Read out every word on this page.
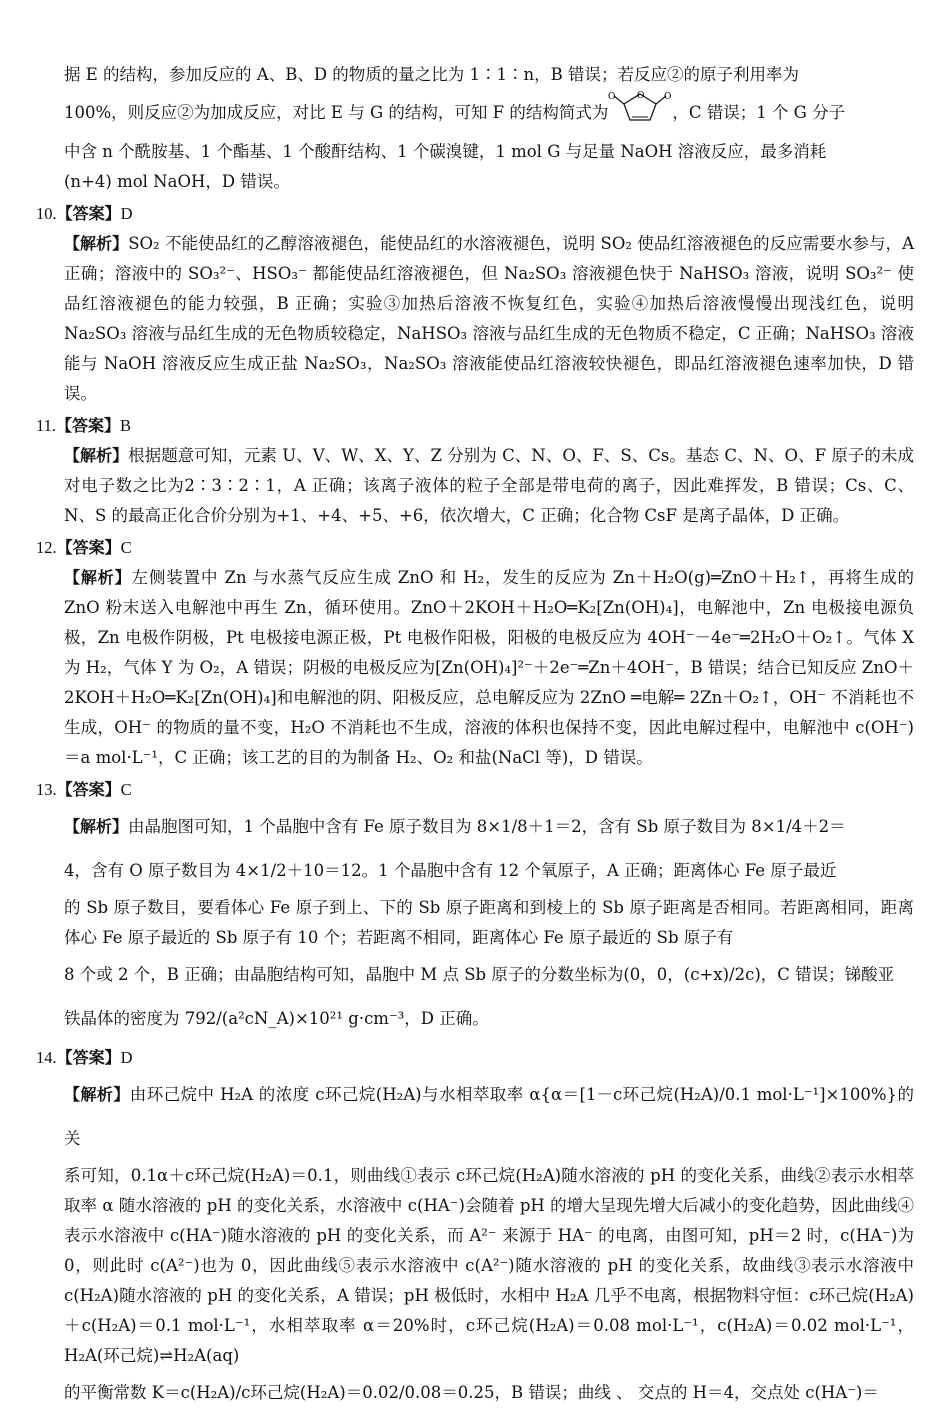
据 E 的结构，参加反应的 A、B、D 的物质的量之比为 1∶1∶n，B 错误；若反应②的原子利用率为

100%，则反应②为加成反应，对比 E 与 G 的结构，可知 F 的结构简式为
O	O
O
，C 错误；1 个 G 分子

中含 n 个酰胺基、1 个酯基、1 个酸酐结构、1 个碳溴键，1 mol G 与足量 NaOH 溶液反应，最多消耗

(n+4) mol NaOH，D 错误。

10.【答案】D

【解析】SO₂ 不能使品红的乙醇溶液褪色，能使品红的水溶液褪色，说明 SO₂ 使品红溶液褪色的反应需要水参与，A 正确；溶液中的 SO₃²⁻、HSO₃⁻ 都能使品红溶液褪色，但 Na₂SO₃ 溶液褪色快于 NaHSO₃ 溶液，说明 SO₃²⁻ 使品红溶液褪色的能力较强，B 正确；实验③加热后溶液不恢复红色，实验④加热后溶液慢慢出现浅红色，说明 Na₂SO₃ 溶液与品红生成的无色物质较稳定，NaHSO₃ 溶液与品红生成的无色物质不稳定，C 正确；NaHSO₃ 溶液能与 NaOH 溶液反应生成正盐 Na₂SO₃，Na₂SO₃ 溶液能使品红溶液较快褪色，即品红溶液褪色速率加快，D 错误。

11.【答案】B

【解析】根据题意可知，元素 U、V、W、X、Y、Z 分别为 C、N、O、F、S、Cs。基态 C、N、O、F 原子的未成对电子数之比为2∶3∶2∶1，A 正确；该离子液体的粒子全部是带电荷的离子，因此难挥发，B 错误；Cs、C、N、S 的最高正化合价分别为+1、+4、+5、+6，依次增大，C 正确；化合物 CsF 是离子晶体，D 正确。

12.【答案】C

【解析】左侧装置中 Zn 与水蒸气反应生成 ZnO 和 H₂，发生的反应为 Zn＋H₂O(g)═ZnO＋H₂↑，再将生成的 ZnO 粉末送入电解池中再生 Zn，循环使用。ZnO＋2KOH＋H₂O═K₂[Zn(OH)₄]，电解池中，Zn 电极接电源负极，Zn 电极作阴极，Pt 电极接电源正极，Pt 电极作阳极，阳极的电极反应为 4OH⁻－4e⁻═2H₂O＋O₂↑。气体 X 为 H₂，气体 Y 为 O₂，A 错误；阴极的电极反应为[Zn(OH)₄]²⁻＋2e⁻═Zn＋4OH⁻，B 错误；结合已知反应 ZnO＋2KOH＋H₂O═K₂[Zn(OH)₄]和电解池的阴、阳极反应，总电解反应为 2ZnO ═电解═ 2Zn＋O₂↑，OH⁻ 不消耗也不生成，OH⁻ 的物质的量不变，H₂O 不消耗也不生成，溶液的体积也保持不变，因此电解过程中，电解池中 c(OH⁻)＝a mol·L⁻¹，C 正确；该工艺的目的为制备 H₂、O₂ 和盐(NaCl 等)，D 错误。

13.【答案】C

【解析】由晶胞图可知，1 个晶胞中含有 Fe 原子数目为 8×1/8＋1＝2，含有 Sb 原子数目为 8×1/4＋2＝

4，含有 O 原子数目为 4×1/2＋10＝12。1 个晶胞中含有 12 个氧原子，A 正确；距离体心 Fe 原子最近

的 Sb 原子数目，要看体心 Fe 原子到上、下的 Sb 原子距离和到棱上的 Sb 原子距离是否相同。若距离相同，距离体心 Fe 原子最近的 Sb 原子有 10 个；若距离不相同，距离体心 Fe 原子最近的 Sb 原子有

8 个或 2 个，B 正确；由晶胞结构可知，晶胞中 M 点 Sb 原子的分数坐标为(0，0，(c+x)/2c)，C 错误；锑酸亚

铁晶体的密度为 792/(a²cN_A)×10²¹ g·cm⁻³，D 正确。

14.【答案】D

【解析】由环己烷中 H₂A 的浓度 c环己烷(H₂A)与水相萃取率 α{α＝[1－c环己烷(H₂A)/0.1 mol·L⁻¹]×100%}的关

系可知，0.1α＋c环己烷(H₂A)＝0.1，则曲线①表示 c环己烷(H₂A)随水溶液的 pH 的变化关系，曲线②表示水相萃取率 α 随水溶液的 pH 的变化关系，水溶液中 c(HA⁻)会随着 pH 的增大呈现先增大后减小的变化趋势，因此曲线④表示水溶液中 c(HA⁻)随水溶液的 pH 的变化关系，而 A²⁻ 来源于 HA⁻ 的电离，由图可知，pH＝2 时，c(HA⁻)为 0，则此时 c(A²⁻)也为 0，因此曲线⑤表示水溶液中 c(A²⁻)随水溶液的 pH 的变化关系，故曲线③表示水溶液中 c(H₂A)随水溶液的 pH 的变化关系，A 错误；pH 极低时，水相中 H₂A 几乎不电离，根据物料守恒：c环己烷(H₂A)＋c(H₂A)＝0.1 mol·L⁻¹，水相萃取率 α＝20%时，c环己烷(H₂A)＝0.08 mol·L⁻¹，c(H₂A)＝0.02 mol·L⁻¹，H₂A(环己烷)⇌H₂A(aq)

的平衡常数 K＝c(H₂A)/c环己烷(H₂A)＝0.02/0.08＝0.25，B 错误；曲线 、 交点的 H＝4，交点处 c(HA⁻)＝
